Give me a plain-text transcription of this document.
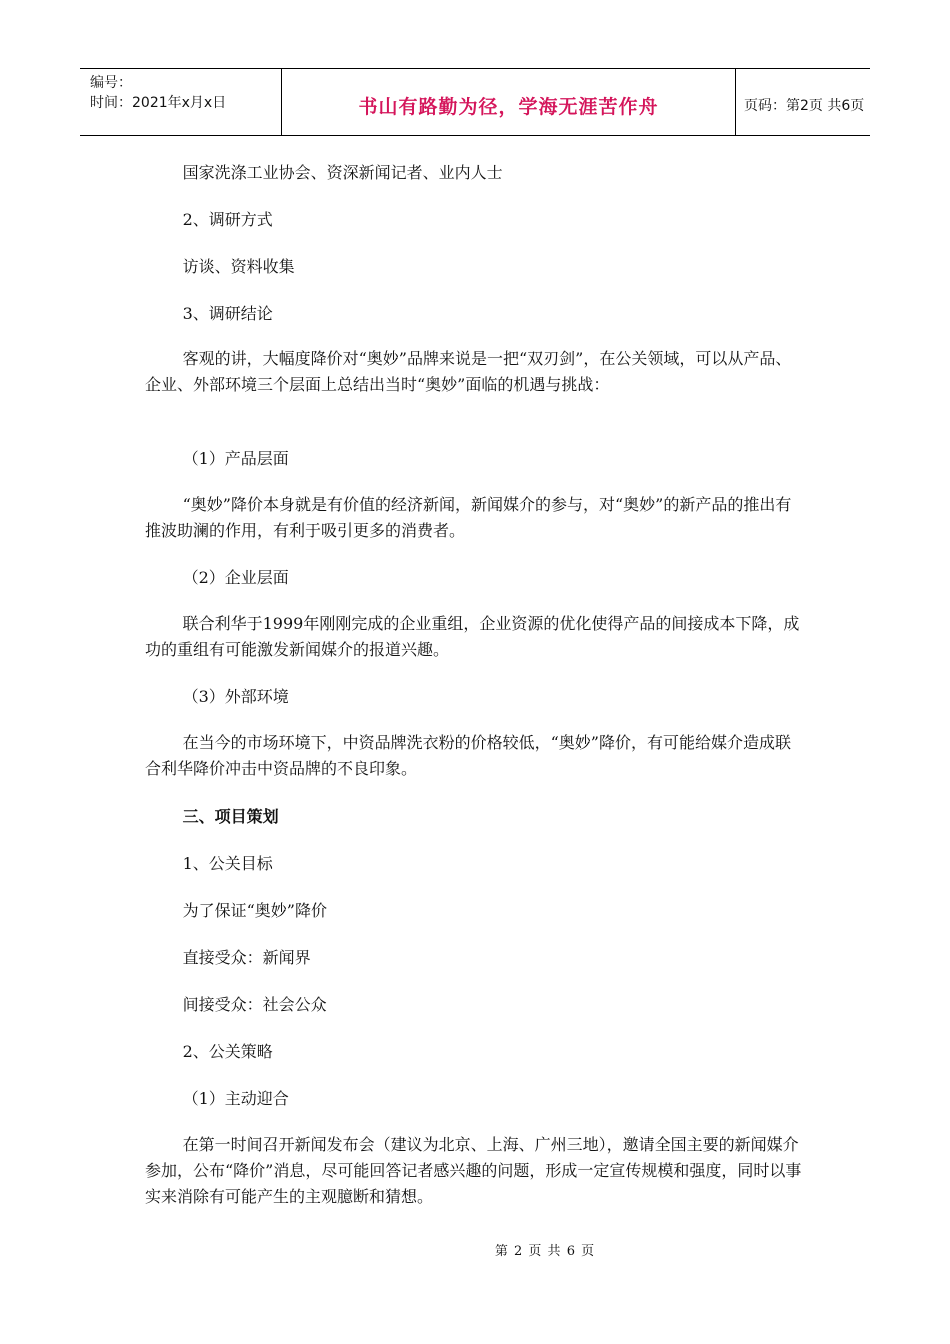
编号：
时间：2021年x月x日	书山有路勤为径，学海无涯苦作舟	页码：第2页 共6页

国家洗涤工业协会、资深新闻记者、业内人士

2、调研方式

访谈、资料收集

3、调研结论

客观的讲，大幅度降价对“奥妙”品牌来说是一把“双刃剑”，在公关领域，可以从产品、企业、外部环境三个层面上总结出当时“奥妙”面临的机遇与挑战：

（1）产品层面

“奥妙”降价本身就是有价值的经济新闻，新闻媒介的参与，对“奥妙”的新产品的推出有推波助澜的作用，有利于吸引更多的消费者。

（2）企业层面

联合利华于1999年刚刚完成的企业重组，企业资源的优化使得产品的间接成本下降，成功的重组有可能激发新闻媒介的报道兴趣。

（3）外部环境

在当今的市场环境下，中资品牌洗衣粉的价格较低，“奥妙”降价，有可能给媒介造成联合利华降价冲击中资品牌的不良印象。

三、项目策划

1、公关目标

为了保证“奥妙”降价

直接受众：新闻界

间接受众：社会公众

2、公关策略

（1）主动迎合

在第一时间召开新闻发布会（建议为北京、上海、广州三地），邀请全国主要的新闻媒介参加，公布“降价”消息，尽可能回答记者感兴趣的问题，形成一定宣传规模和强度，同时以事实来消除有可能产生的主观臆断和猜想。

第 2 页 共 6 页
